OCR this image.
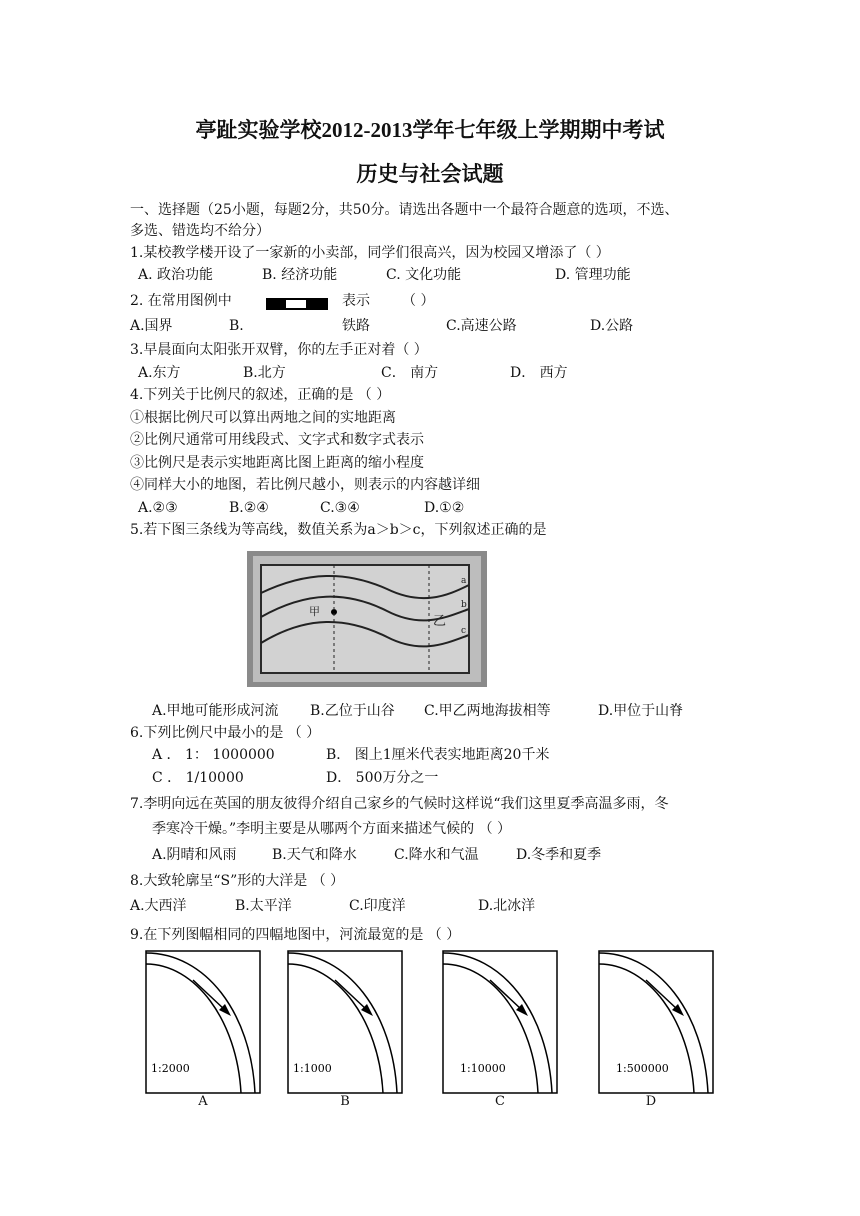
亭趾实验学校2012-2013学年七年级上学期期中考试
历史与社会试题
一、选择题（25小题，每题2分，共50分。请选出各题中一个最符合题意的选项，不选、
多选、错选均不给分）
1.某校教学楼开设了一家新的小卖部，同学们很高兴，因为校园又增添了（ ）
A. 政治功能	B. 经济功能	C. 文化功能	D. 管理功能
2. 在常用图例中	表示 （ ）
A.国界	B.	铁路	C.高速公路	D.公路
3.早晨面向太阳张开双臂，你的左手正对着（ ）
A.东方	B.北方	C． 南方	D． 西方
4.下列关于比例尺的叙述，正确的是 （ ）
①根据比例尺可以算出两地之间的实地距离
②比例尺通常可用线段式、文字式和数字式表示
③比例尺是表示实地距离比图上距离的缩小程度
④同样大小的地图，若比例尺越小，则表示的内容越详细
A.②③	B.②④	C.③④	D.①②
5.若下图三条线为等高线，数值关系为a＞b＞c，下列叙述正确的是
甲
乙
a
b
c
A.甲地可能形成河流 B.乙位于山谷 C.甲乙两地海拔相等	D.甲位于山脊
6.下列比例尺中最小的是 （ ）
A ． 1： 1000000	B． 图上1厘米代表实地距离20千米
C ． 1/10000	D． 500万分之一
7.李明向远在英国的朋友彼得介绍自己家乡的气候时这样说“我们这里夏季高温多雨，冬
季寒冷干燥。”李明主要是从哪两个方面来描述气候的 （ ）
A.阴晴和风雨	B.天气和降水	C.降水和气温	D.冬季和夏季
8.大致轮廓呈“S”形的大洋是 （ ）
A.大西洋	B.太平洋	C.印度洋	D.北冰洋
9.在下列图幅相同的四幅地图中，河流最宽的是 （ ）
1:2000
A
1:1000
B
1:10000
C
1:500000
D
